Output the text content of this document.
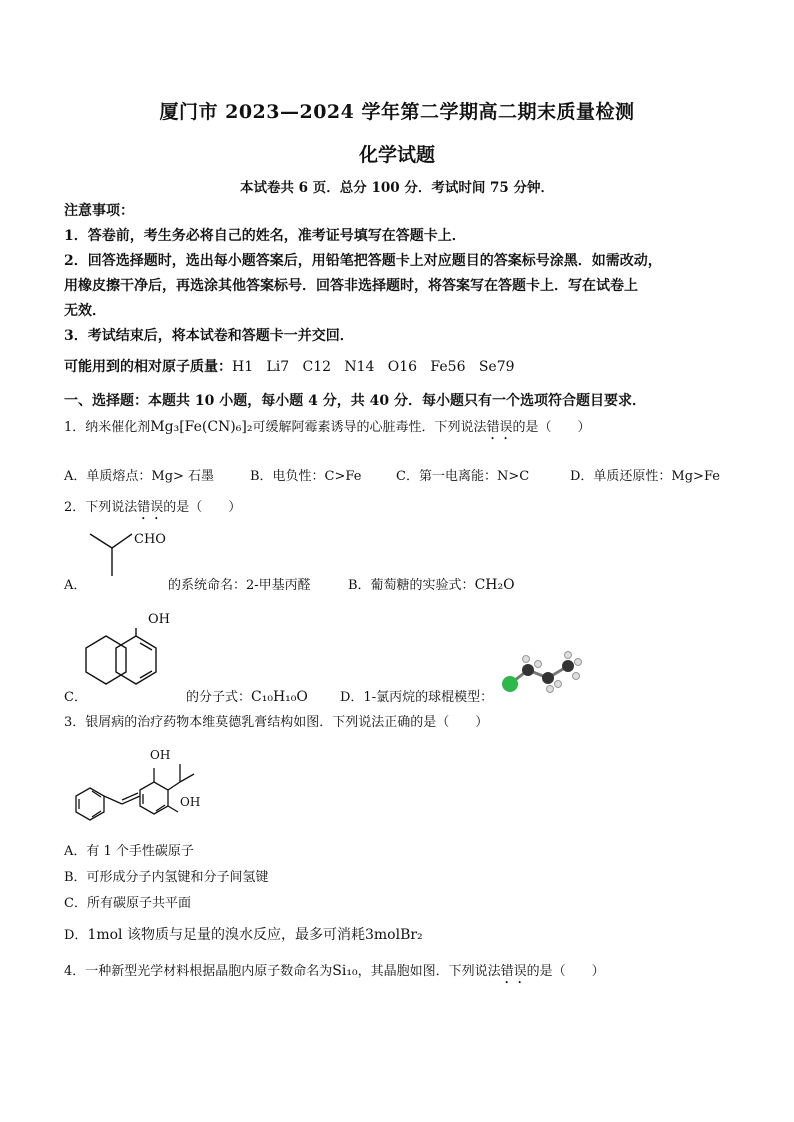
厦门市 2023—2024 学年第二学期高二期末质量检测
化学试题
本试卷共 6 页．总分 100 分．考试时间 75 分钟．
注意事项：
1．答卷前，考生务必将自己的姓名，准考证号填写在答题卡上．
2．回答选择题时，选出每小题答案后，用铅笔把答题卡上对应题目的答案标号涂黑．如需改动，
用橡皮擦干净后，再选涂其他答案标号．回答非选择题时，将答案写在答题卡上．写在试卷上
无效．
3．考试结束后，将本试卷和答题卡一并交回．
可能用到的相对原子质量：H1   Li7   C12   N14   O16   Fe56   Se79
一、选择题：本题共 10 小题，每小题 4 分，共 40 分．每小题只有一个选项符合题目要求．
1．纳米催化剂Mg₃[Fe(CN)₆]₂可缓解阿霉素诱导的心脏毒性．下列说法错误的是（　　）
A．单质熔点：Mg> 石墨	B．电负性：C>Fe	C．第一电离能：N>C	D．单质还原性：Mg>Fe
2．下列说法错误的是（　　）
CHO
A．	的系统命名：2-甲基丙醛	B．葡萄糖的实验式：CH₂O
OH
C．	的分子式：C₁₀H₁₀O D．1-氯丙烷的球棍模型：
3．银屑病的治疗药物本维莫德乳膏结构如图．下列说法正确的是（　　）
OH
OH
A．有 1 个手性碳原子
B．可形成分子内氢键和分子间氢键
C．所有碳原子共平面
D．1mol 该物质与足量的溴水反应，最多可消耗3molBr₂
4．一种新型光学材料根据晶胞内原子数命名为Si₁₀，其晶胞如图．下列说法错误的是（　　）
